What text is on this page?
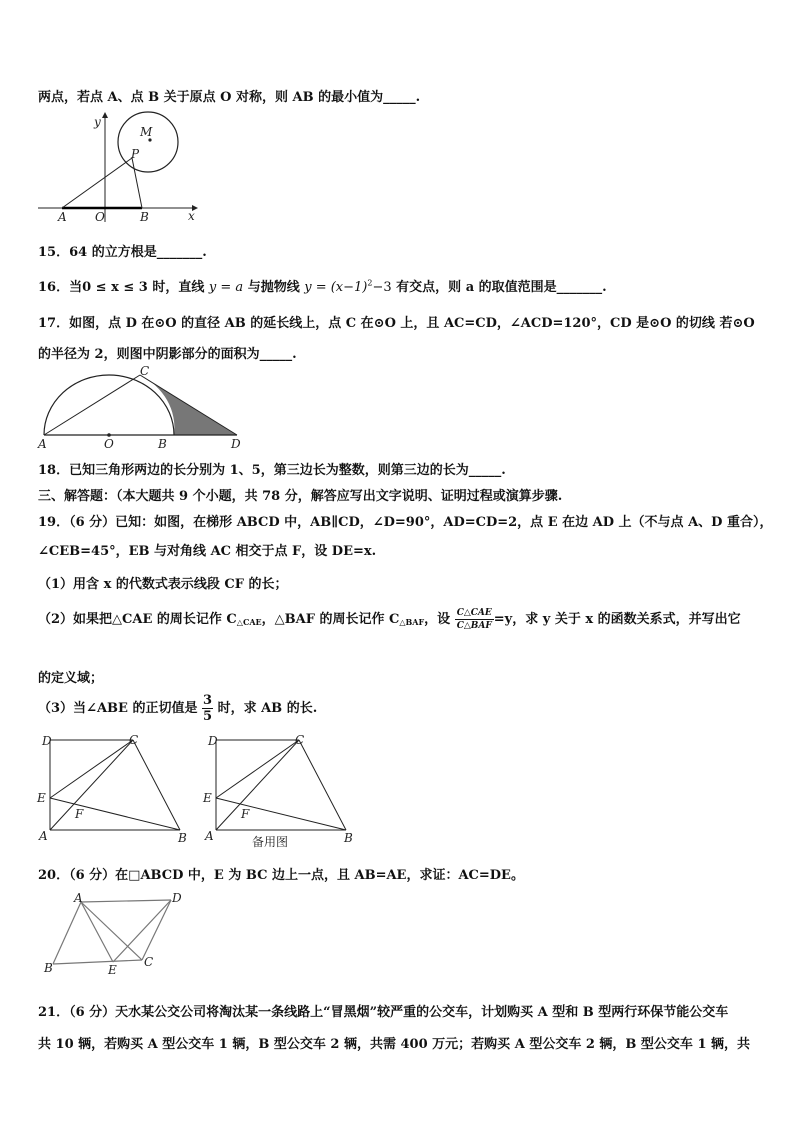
两点，若点 A、点 B 关于原点 O 对称，则 AB 的最小值为_____.
y
M
P
A O	B	x
15．64 的立方根是_______.
16．当0 ≤ x ≤ 3 时，直线 y = a 与抛物线 $y = (x-1)^2-3$ 有交点，则 a 的取值范围是_______.
17．如图，点 D 在⊙O 的直径 AB 的延长线上，点 C 在⊙O 上，且 AC=CD，∠ACD=120°，CD 是⊙O 的切线 若⊙O
的半径为 2，则图中阴影部分的面积为_____.
C
A	O	B	D
18．已知三角形两边的长分别为 1、5，第三边长为整数，则第三边的长为_____.
三、解答题：（本大题共 9 个小题，共 78 分，解答应写出文字说明、证明过程或演算步骤.
19．（6 分）已知：如图，在梯形 ABCD 中，AB∥CD，∠D=90°，AD=CD=2，点 E 在边 AD 上（不与点 A、D 重合），
∠CEB=45°，EB 与对角线 AC 相交于点 F，设 DE=x.
（1）用含 x 的代数式表示线段 CF 的长；
（2）如果把△CAE 的周长记作 $C_{\triangle CAE}$，△BAF 的周长记作 $C_{\triangle BAF}$，设 $\frac{\text{C△CAE}}{\text{C△BAF}} =y$，求 y 关于 x 的函数关系式，并写出它
的定义域；
（3）当∠ABE 的正切值是 $\frac{3}{5}$ 时，求 AB 的长.
D	C
E
F
A	B
D	C
E
F
A	B
备用图
20．（6 分）在□ABCD 中，E 为 BC 边上一点，且 AB=AE，求证：AC=DE。
A	D
B	E
C
21．（6 分）天水某公交公司将淘汰某一条线路上“冒黑烟”较严重的公交车，计划购买 A 型和 B 型两行环保节能公交车
共 10 辆，若购买 A 型公交车 1 辆，B 型公交车 2 辆，共需 400 万元；若购买 A 型公交车 2 辆，B 型公交车 1 辆，共
